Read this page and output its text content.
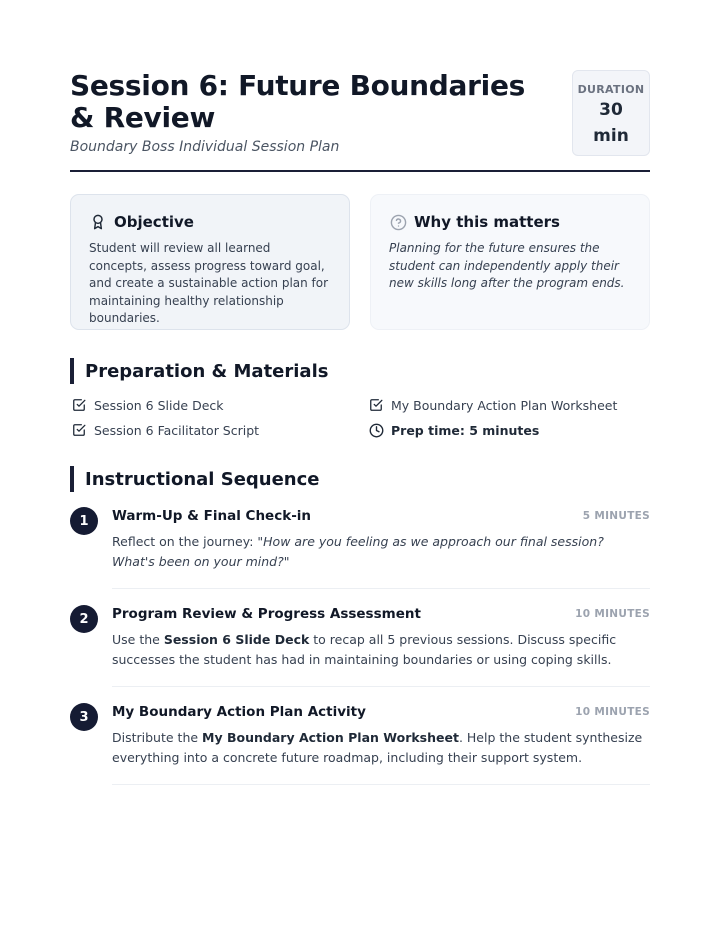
Session 6: Future Boundaries & Review
Boundary Boss Individual Session Plan
DURATION
30
min
Objective

Student will review all learned concepts, assess progress toward goal, and create a sustainable action plan for maintaining healthy relationship boundaries.

Why this matters

Planning for the future ensures the student can independently apply their new skills long after the program ends.

Preparation & Materials
Session 6 Slide Deck	My Boundary Action Plan Worksheet
Session 6 Facilitator Script	Prep time: 5 minutes
Instructional Sequence
1	Warm-Up & Final Check-in	5 MINUTES

Reflect on the journey: "How are you feeling as we approach our final session? What's been on your mind?"

2	Program Review & Progress Assessment	10 MINUTES

Use the Session 6 Slide Deck to recap all 5 previous sessions. Discuss specific successes the student has had in maintaining boundaries or using coping skills.

3	My Boundary Action Plan Activity	10 MINUTES

Distribute the My Boundary Action Plan Worksheet. Help the student synthesize everything into a concrete future roadmap, including their support system.
